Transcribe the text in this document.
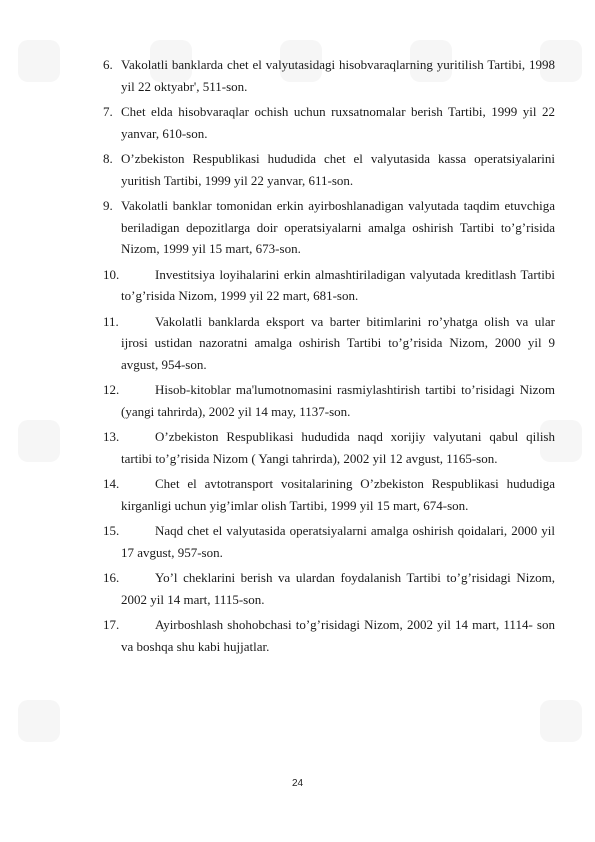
6. Vakolatli banklarda chet el valyutasidagi hisobvaraqlarning yuritilish Tartibi, 1998 yil 22 oktyabr', 511-son.
7. Chet elda hisobvaraqlar ochish uchun ruxsatnomalar berish Tartibi, 1999 yil 22 yanvar, 610-son.
8. O’zbekiston Respublikasi hududida chet el valyutasida kassa operatsiyalarini yuritish Tartibi, 1999 yil 22 yanvar, 611-son.
9. Vakolatli banklar tomonidan erkin ayirboshlanadigan valyutada taqdim etuvchiga beriladigan depozitlarga doir operatsiyalarni amalga oshirish Tartibi to’g’risida Nizom, 1999 yil 15 mart, 673-son.
10.	Investitsiya loyihalarini erkin almashtiriladigan valyutada kreditlash Tartibi to’g’risida Nizom, 1999 yil 22 mart, 681-son.
11.	Vakolatli banklarda eksport va barter bitimlarini ro’yhatga olish va ular ijrosi ustidan nazoratni amalga oshirish Tartibi to’g’risida Nizom, 2000 yil 9 avgust, 954-son.
12.	Hisob-kitoblar ma'lumotnomasini rasmiylashtirish tartibi to’risidagi Nizom (yangi tahrirda), 2002 yil 14 may, 1137-son.
13.	O’zbekiston Respublikasi hududida naqd xorijiy valyutani qabul qilish tartibi to’g’risida Nizom ( Yangi tahrirda), 2002 yil 12 avgust, 1165-son.
14.	Chet el avtotransport vositalarining O’zbekiston Respublikasi hududiga kirganligi uchun yig’imlar olish Tartibi, 1999 yil 15 mart, 674-son.
15.	Naqd chet el valyutasida operatsiyalarni amalga oshirish qoidalari, 2000 yil 17 avgust, 957-son.
16.	Yo’l cheklarini berish va ulardan foydalanish Tartibi to’g’risidagi Nizom, 2002 yil 14 mart, 1115-son.
17.	Ayirboshlash shohobchasi to’g’risidagi Nizom, 2002 yil 14 mart, 1114- son va boshqa shu kabi hujjatlar.
24
